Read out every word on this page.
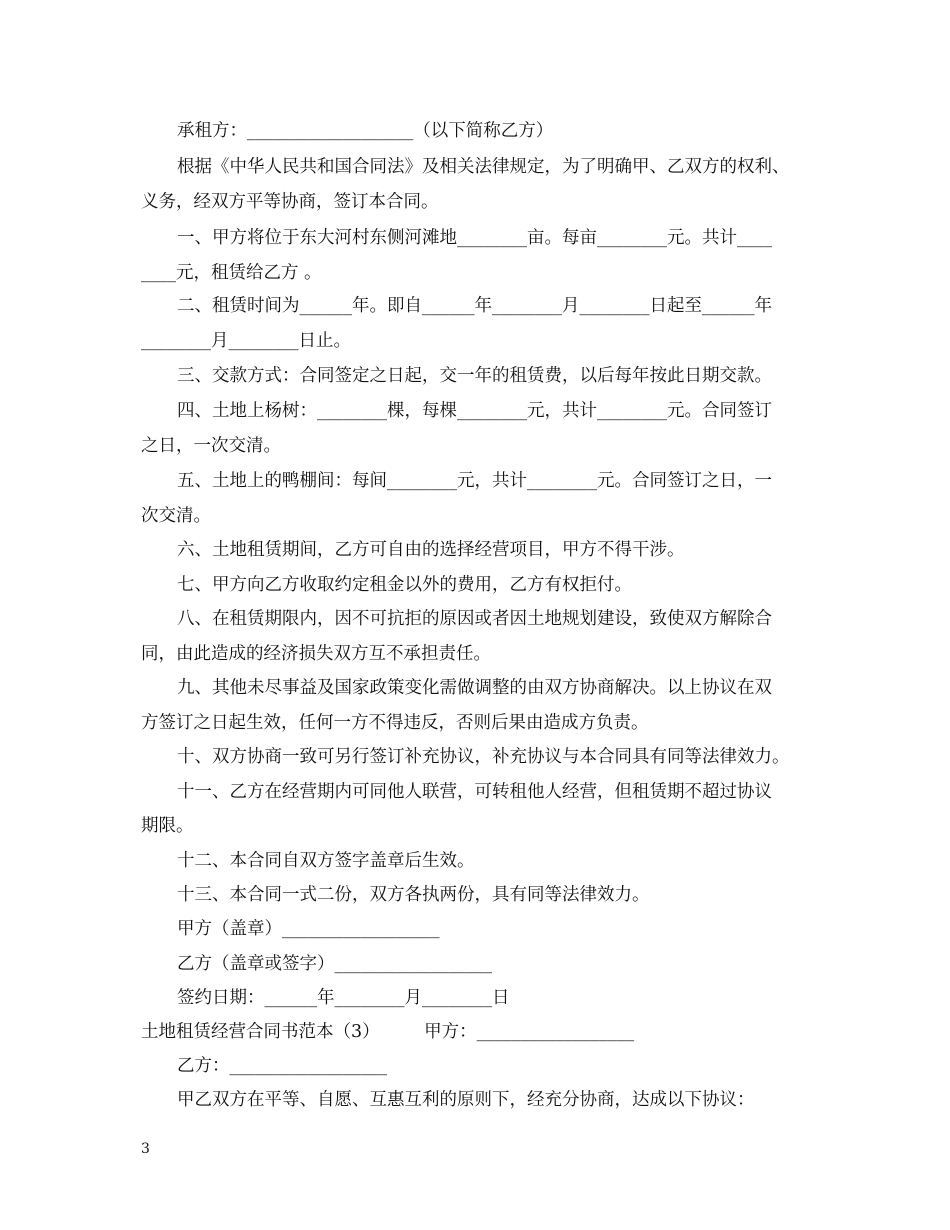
承租方：___________________（以下简称乙方）
根据《中华人民共和国合同法》及相关法律规定，为了明确甲、乙双方的权利、
义务，经双方平等协商，签订本合同。
一、甲方将位于东大河村东侧河滩地________亩。每亩________元。共计____
____元，租赁给乙方 。
二、租赁时间为______年。即自______年________月________日起至______年
________月________日止。
三、交款方式：合同签定之日起，交一年的租赁费，以后每年按此日期交款。
四、土地上杨树：________棵，每棵________元，共计________元。合同签订
之日，一次交清。
五、土地上的鸭棚间：每间________元，共计________元。合同签订之日，一
次交清。
六、土地租赁期间，乙方可自由的选择经营项目，甲方不得干涉。
七、甲方向乙方收取约定租金以外的费用，乙方有权拒付。
八、在租赁期限内，因不可抗拒的原因或者因土地规划建设，致使双方解除合
同，由此造成的经济损失双方互不承担责任。
九、其他未尽事益及国家政策变化需做调整的由双方协商解决。以上协议在双
方签订之日起生效，任何一方不得违反，否则后果由造成方负责。
十、双方协商一致可另行签订补充协议，补充协议与本合同具有同等法律效力。
十一、乙方在经营期内可同他人联营，可转租他人经营，但租赁期不超过协议
期限。
十二、本合同自双方签字盖章后生效。
十三、本合同一式二份，双方各执两份，具有同等法律效力。
甲方（盖章）__________________
乙方（盖章或签字）__________________
签约日期：______年________月________日
土地租赁经营合同书范本（3）        甲方：__________________
乙方：__________________
甲乙双方在平等、自愿、互惠互利的原则下，经充分协商，达成以下协议：
3
